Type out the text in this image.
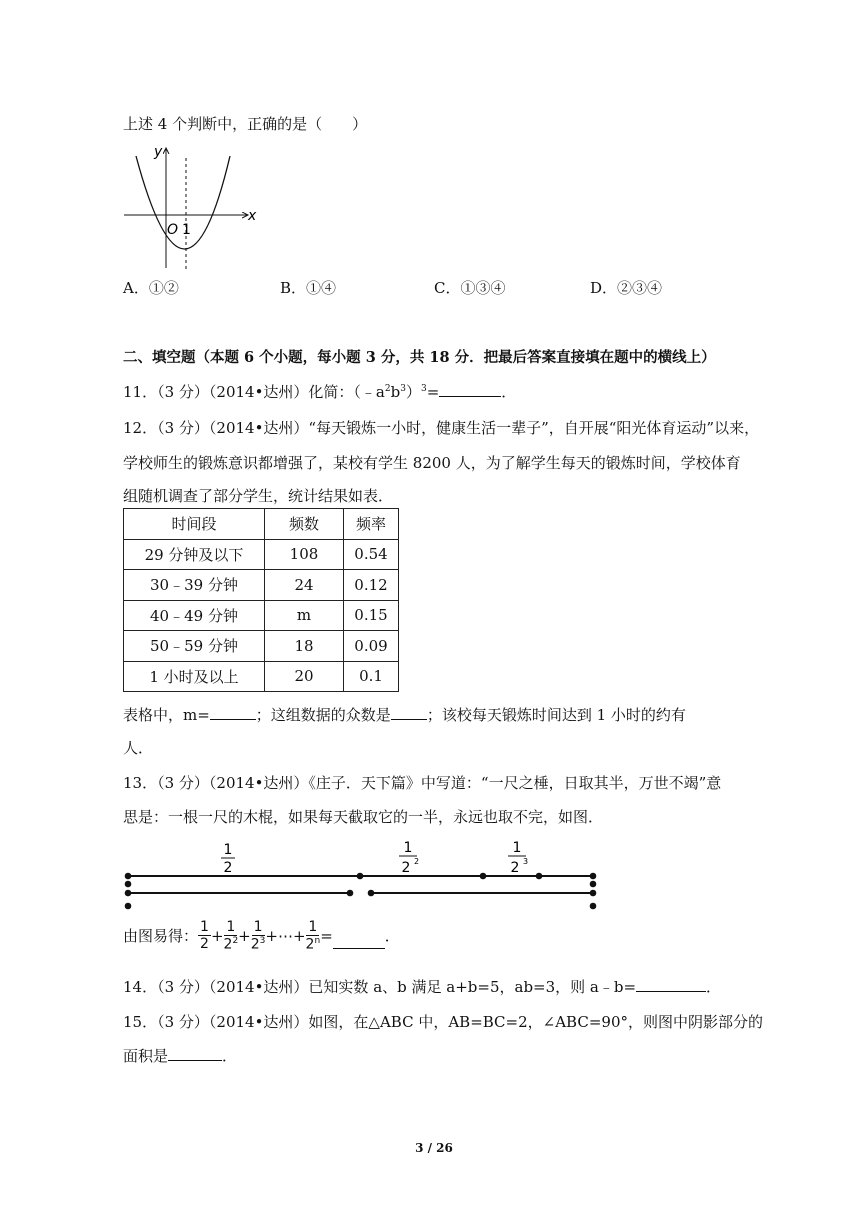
上述 4 个判断中，正确的是（　　）
y
x
O 1
A．①②	B．①④	C．①③④	D．②③④
二、填空题（本题 6 个小题，每小题 3 分，共 18 分．把最后答案直接填在题中的横线上）
11．（3 分）（2014•达州）化简：$(﹣a^2b^3)^3=$	．
12．（3 分）（2014•达州）“每天锻炼一小时，健康生活一辈子”，自开展“阳光体育运动”以来，
学校师生的锻炼意识都增强了，某校有学生 8200 人，为了解学生每天的锻炼时间，学校体育
组随机调查了部分学生，统计结果如表．
时间段	频数	频率
29 分钟及以下	108	0.54
30﹣39 分钟	24	0.12
40﹣49 分钟	m	0.15
50﹣59 分钟	18	0.09
1 小时及以上	20	0.1
表格中，m=	；这组数据的众数是 ；该校每天锻炼时间达到 1 小时的约有
人．
13．（3 分）（2014•达州）《庄子．天下篇》中写道：“一尺之棰，日取其半，万世不竭”意
思是：一根一尺的木棍，如果每天截取它的一半，永远也取不完，如图．
1
2
1
2 2
1
2 3
由图易得： $\frac{1}{2} + \frac{1}{2^2} + \frac{1}{2^3}$ +⋯+ $\frac{1}{2^n}$ =	．
14．（3 分）（2014•达州）已知实数 a、b 满足 a+b=5，ab=3，则 a﹣b=	．
15．（3 分）（2014•达州）如图，在△ABC 中，AB=BC=2，∠ABC=90°，则图中阴影部分的
面积是	．
3 / 26
